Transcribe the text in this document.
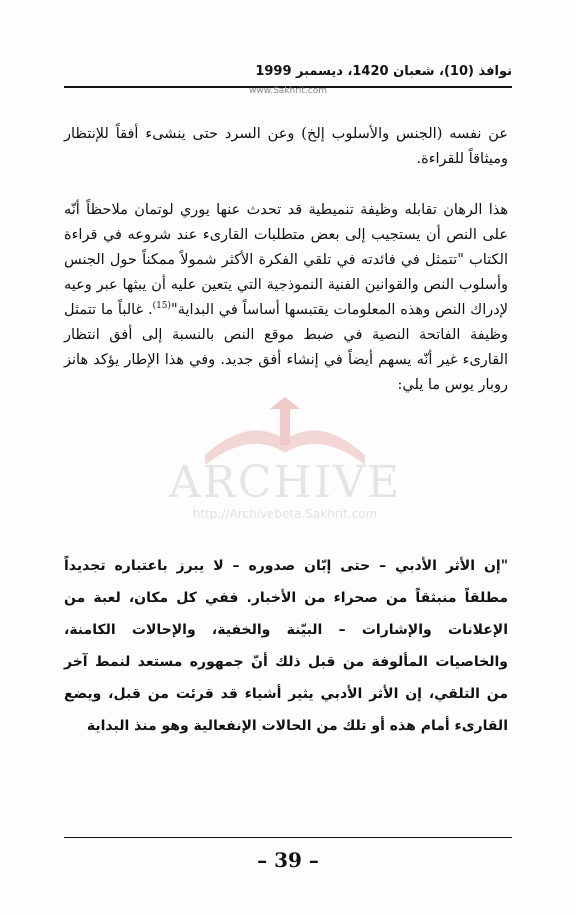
نوافذ (10)، شعبان 1420، ديسمبر 1999
www.Sakhrit.com

عن نفسه (الجنس والأسلوب إلخ) وعن السرد حتى ينشىء أفقاً للإنتظار وميثاقاً للقراءة.

هذا الرهان تقابله وظيفة تنميطية قد تحدث عنها يوري لوتمان ملاحظاً أنّه على النص أن يستجيب إلى بعض متطلبات القارىء عند شروعه في قراءة الكتاب "تتمثل في فائدته في تلقي الفكرة الأكثر شمولاً ممكناً حول الجنس وأسلوب النص والقوانين الفنية النموذجية التي يتعين عليه أن يبثها عبر وعيه لإدراك النص وهذه المعلومات يقتبسها أساساً في البداية"$^{(15)}$. غالباً ما تتمثل وظيفة الفاتحة النصية في ضبط موقع النص بالنسبة إلى أفق انتظار القارىء غير أنّه يسهم أيضاً في إنشاء أفق جديد. وفي هذا الإطار يؤكد هانز روبار يوس ما يلي:

ARCHIVE
http://Archivebeta.Sakhrit.com

"إن الأثر الأدبي – حتى إبّان صدوره – لا يبرز باعتباره تجديداً مطلقاً منبثقاً من صحراء من الأخبار. ففي كل مكان، لعبة من الإعلانات والإشارات – البيّنة والخفية، والإحالات الكامنة، والخاصيات المألوفة من قبل ذلك أنّ جمهوره مستعد لنمط آخر من التلقي، إن الأثر الأدبي يثير أشياء قد قرئت من قبل، ويضع القارىء أمام هذه أو تلك من الحالات الإنفعالية وهو منذ البداية

– 39 –
